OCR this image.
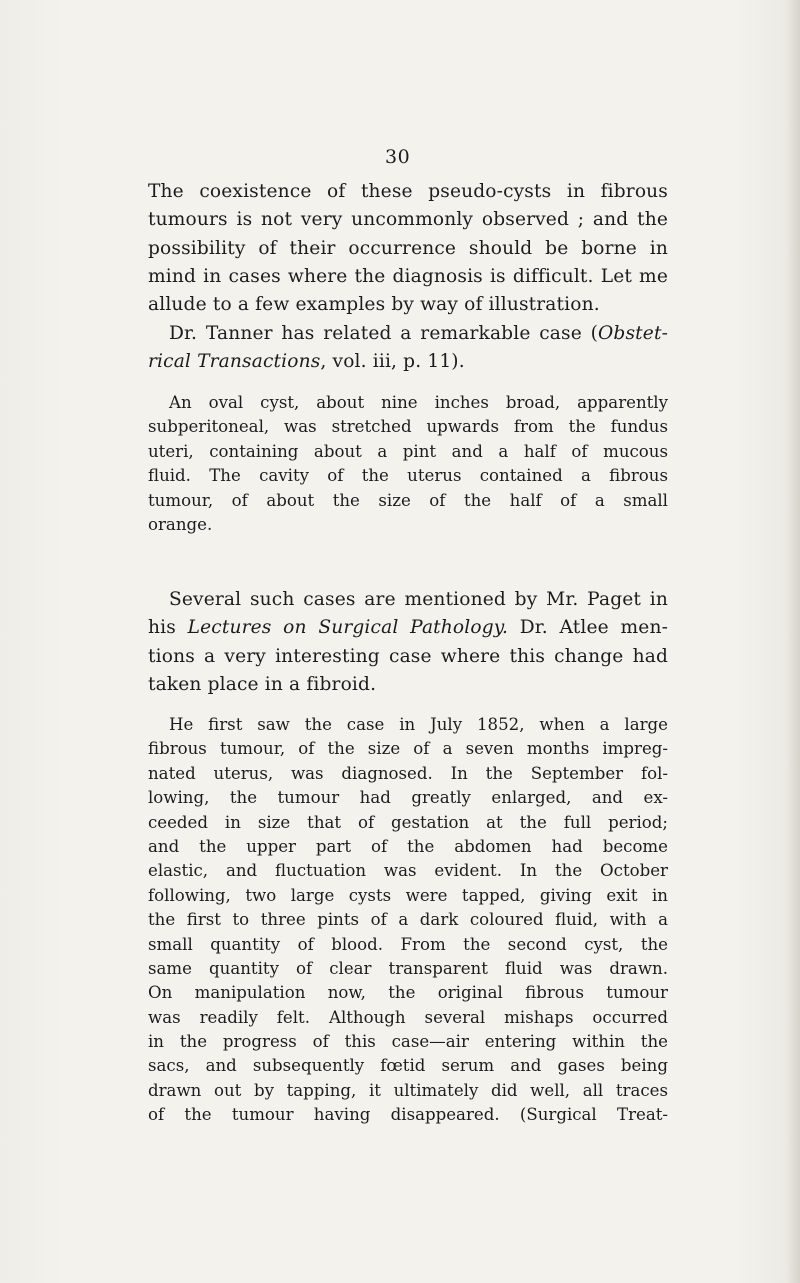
30
The coexistence of these pseudo-cysts in fibrous
tumours is not very uncommonly observed ; and the
possibility of their occurrence should be borne in
mind in cases where the diagnosis is difficult. Let me
allude to a few examples by way of illustration.
Dr. Tanner has related a remarkable case (Obstet-
rical Transactions, vol. iii, p. 11).
An oval cyst, about nine inches broad, apparently
subperitoneal, was stretched upwards from the fundus
uteri, containing about a pint and a half of mucous
fluid. The cavity of the uterus contained a fibrous
tumour, of about the size of the half of a small
orange.
Several such cases are mentioned by Mr. Paget in
his Lectures on Surgical Pathology. Dr. Atlee men-
tions a very interesting case where this change had
taken place in a fibroid.
He first saw the case in July 1852, when a large
fibrous tumour, of the size of a seven months impreg-
nated uterus, was diagnosed. In the September fol-
lowing, the tumour had greatly enlarged, and ex-
ceeded in size that of gestation at the full period;
and the upper part of the abdomen had become
elastic, and fluctuation was evident. In the October
following, two large cysts were tapped, giving exit in
the first to three pints of a dark coloured fluid, with a
small quantity of blood. From the second cyst, the
same quantity of clear transparent fluid was drawn.
On manipulation now, the original fibrous tumour
was readily felt. Although several mishaps occurred
in the progress of this case—air entering within the
sacs, and subsequently fœtid serum and gases being
drawn out by tapping, it ultimately did well, all traces
of the tumour having disappeared. (Surgical Treat-
